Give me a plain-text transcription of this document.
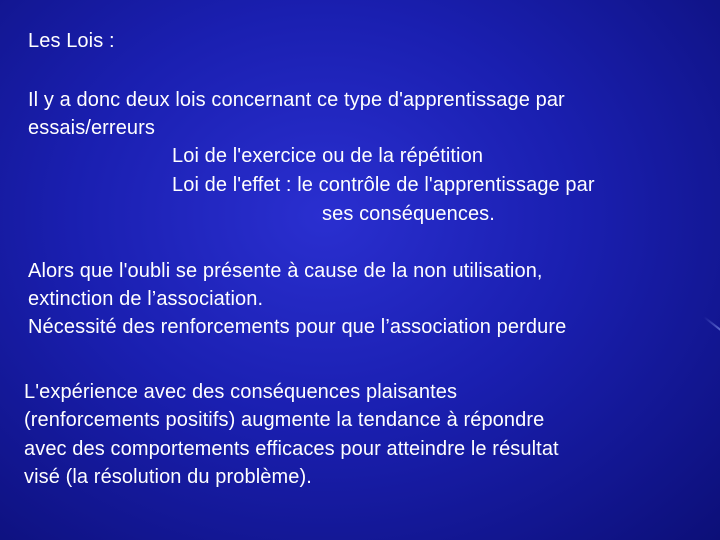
Les Lois :
Il y a donc deux lois concernant ce type d'apprentissage par
essais/erreurs
Loi de l'exercice ou de la répétition
Loi de l'effet : le contrôle de l'apprentissage par
ses conséquences.
Alors que l'oubli se présente à cause de la non utilisation,
extinction de l’association.
Nécessité des renforcements pour que l’association perdure
L'expérience avec des conséquences plaisantes
(renforcements positifs) augmente la tendance à répondre
avec des comportements efficaces pour atteindre le résultat
visé (la résolution du problème).
